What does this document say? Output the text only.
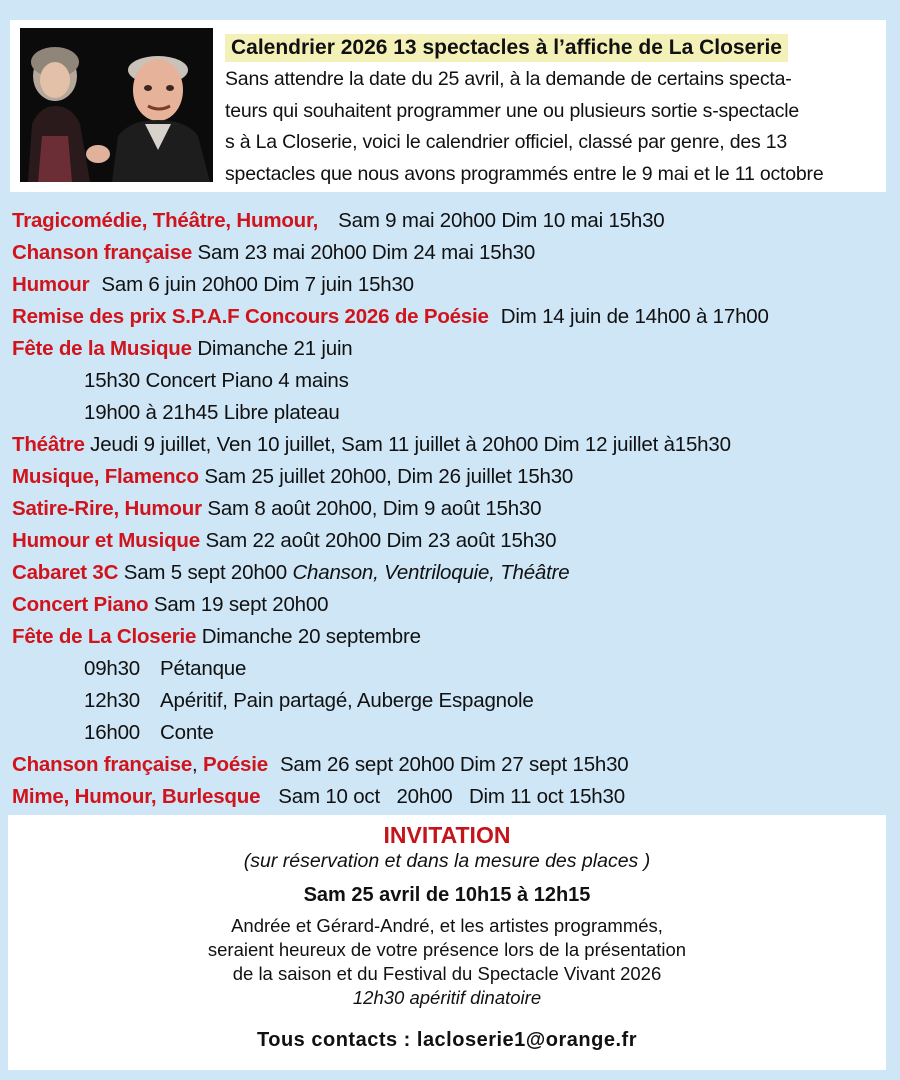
Calendrier 2026 13 spectacles à l’affiche de La Closerie
Sans attendre la date du 25 avril, à la demande de certains specta-
teurs qui souhaitent programmer une ou plusieurs sortie s-spectacle
s à La Closerie, voici le calendrier officiel, classé par genre, des 13
spectacles que nous avons programmés entre le 9 mai et le 11 octobre
Tragicomédie, Théâtre, Humour, Sam 9 mai 20h00 Dim 10 mai 15h30
Chanson française Sam 23 mai 20h00 Dim 24 mai 15h30
Humour Sam 6 juin 20h00 Dim 7 juin 15h30
Remise des prix S.P.A.F Concours 2026 de Poésie Dim 14 juin de 14h00 à 17h00
Fête de la Musique Dimanche 21 juin
15h30 Concert Piano 4 mains
19h00 à 21h45 Libre plateau
Théâtre Jeudi 9 juillet, Ven 10 juillet, Sam 11 juillet à 20h00 Dim 12 juillet à15h30
Musique, Flamenco Sam 25 juillet 20h00, Dim 26 juillet 15h30
Satire-Rire, Humour Sam 8 août 20h00, Dim 9 août 15h30
Humour et Musique Sam 22 août 20h00 Dim 23 août 15h30
Cabaret 3C Sam 5 sept 20h00 Chanson, Ventriloquie, Théâtre
Concert Piano Sam 19 sept 20h00
Fête de La Closerie Dimanche 20 septembre
09h30 Pétanque
12h30 Apéritif, Pain partagé, Auberge Espagnole
16h00 Conte
Chanson française, Poésie Sam 26 sept 20h00 Dim 27 sept 15h30
Mime, Humour, Burlesque Sam 10 oct   20h00   Dim 11 oct 15h30
INVITATION
(sur réservation et dans la mesure des places )
Sam 25 avril de 10h15 à 12h15
Andrée et Gérard-André, et les artistes programmés,
seraient heureux de votre présence lors de la présentation
de la saison et du Festival du Spectacle Vivant 2026
12h30 apéritif dinatoire
Tous contacts : lacloserie1@orange.fr
